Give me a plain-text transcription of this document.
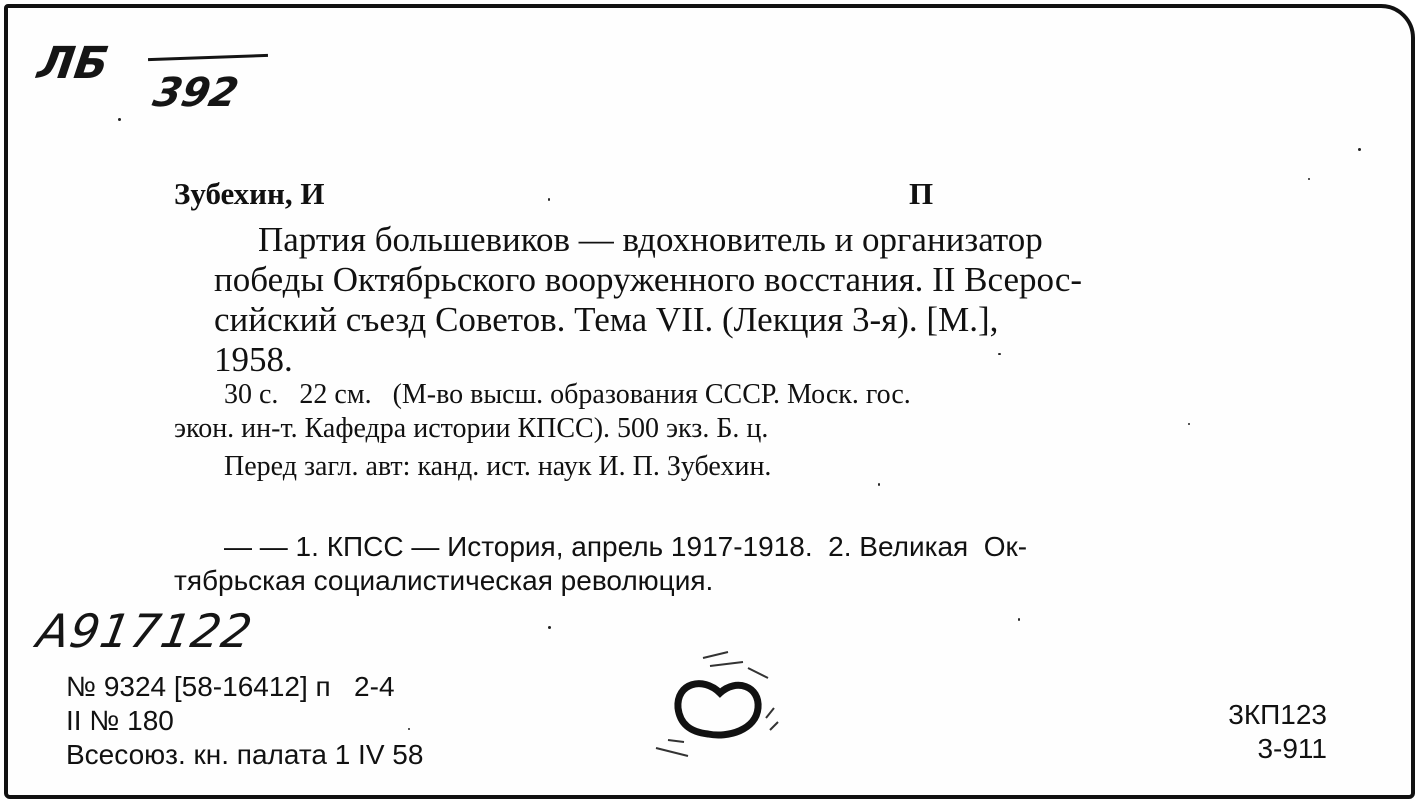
ЛБ
392
Зубехин, И	П
Партия большевиков — вдохновитель и организатор
победы Октябрьского вооруженного восстания. II Всерос-
сийский съезд Советов. Тема VII. (Лекция 3-я). [М.],
1958.
30 с.   22 см.   (М-во высш. образования СССР. Моск. гос.
экон. ин-т. Кафедра истории КПСС). 500 экз. Б. ц.
Перед загл. авт: канд. ист. наук И. П. Зубехин.
— — 1. КПСС — История, апрель 1917-1918.  2. Великая  Ок-
тябрьская социалистическая революция.
А917122
№ 9324 [58-16412] п   2-4
II № 180
Всесоюз. кн. палата 1 IV 58
3КП123
3-911
